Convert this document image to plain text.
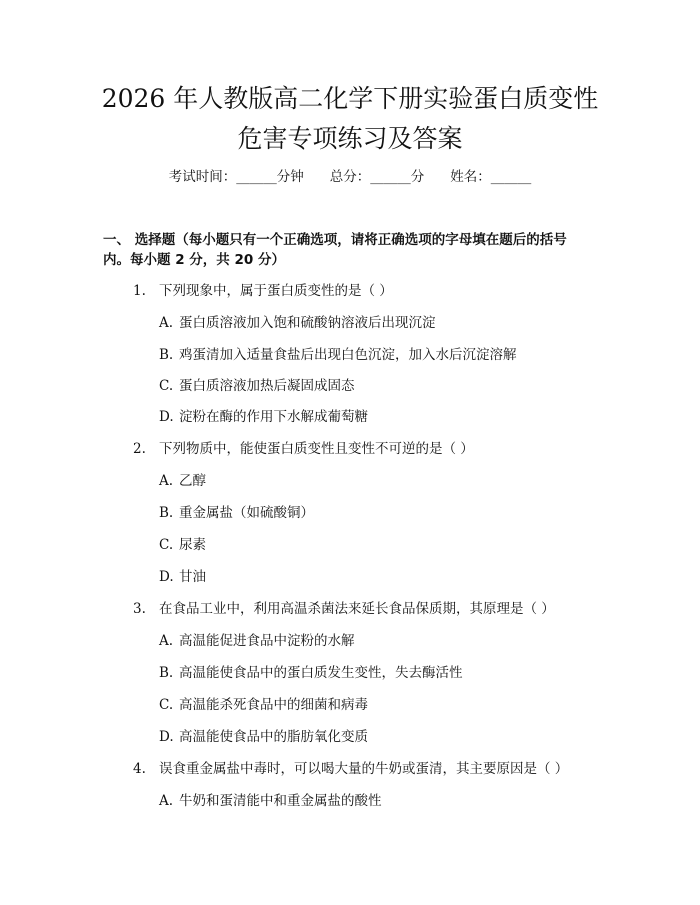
2026 年人教版高二化学下册实验蛋白质变性
危害专项练习及答案
考试时间：______分钟 总分：______分 姓名：______
一、 选择题（每小题只有一个正确选项，请将正确选项的字母填在题后的括号
内。每小题 2 分，共 20 分）
1. 下列现象中，属于蛋白质变性的是（ ）
A. 蛋白质溶液加入饱和硫酸钠溶液后出现沉淀
B. 鸡蛋清加入适量食盐后出现白色沉淀，加入水后沉淀溶解
C. 蛋白质溶液加热后凝固成固态
D. 淀粉在酶的作用下水解成葡萄糖
2. 下列物质中，能使蛋白质变性且变性不可逆的是（ ）
A. 乙醇
B. 重金属盐（如硫酸铜）
C. 尿素
D. 甘油
3. 在食品工业中，利用高温杀菌法来延长食品保质期，其原理是（ ）
A. 高温能促进食品中淀粉的水解
B. 高温能使食品中的蛋白质发生变性，失去酶活性
C. 高温能杀死食品中的细菌和病毒
D. 高温能使食品中的脂肪氧化变质
4. 误食重金属盐中毒时，可以喝大量的牛奶或蛋清，其主要原因是（ ）
A. 牛奶和蛋清能中和重金属盐的酸性
